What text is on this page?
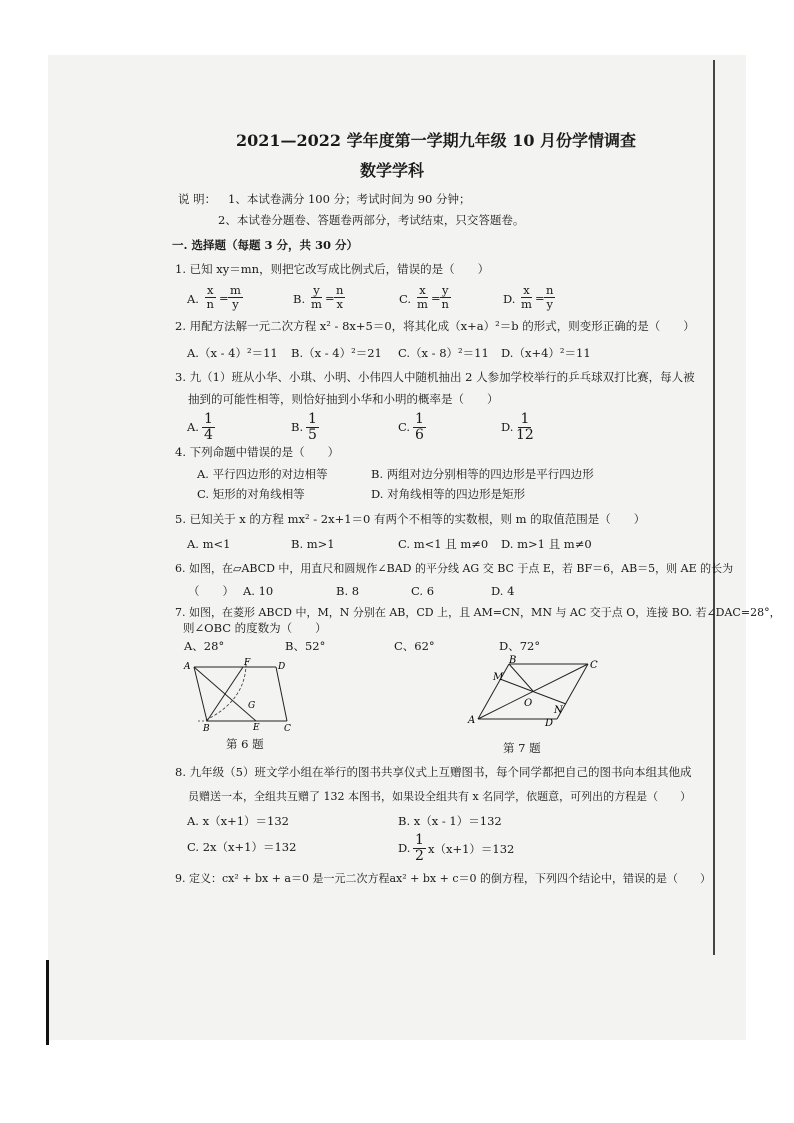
2021—2022 学年度第一学期九年级 10 月份学情调查
数学学科
说 明： 1、本试卷满分 100 分；考试时间为 90 分钟；
2、本试卷分题卷、答题卷两部分，考试结束，只交答题卷。
一. 选择题（每题 3 分，共 30 分）
1. 已知 xy＝mn，则把它改写成比例式后，错误的是（　　）
A. $\frac{x}{n} = \frac{m}{y}$	B. $\frac{y}{m} = \frac{n}{x}$	C. $\frac{x}{m} = \frac{y}{n}$	D. $\frac{x}{m} = \frac{n}{y}$
2. 用配方法解一元二次方程 x² - 8x+5＝0，将其化成（x+a）²＝b 的形式，则变形正确的是（　　）
A.（x - 4）²＝11 B.（x - 4）²＝21 C.（x - 8）²＝11 D.（x+4）²＝11
3. 九（1）班从小华、小琪、小明、小伟四人中随机抽出 2 人参加学校举行的乒乓球双打比赛，每人被
抽到的可能性相等，则恰好抽到小华和小明的概率是（　　）
A. $\frac{1}{4}$	B. $\frac{1}{5}$	C. $\frac{1}{6}$	D. $\frac{1}{12}$
4. 下列命题中错误的是（　　）
A. 平行四边形的对边相等	B. 两组对边分别相等的四边形是平行四边形
C. 矩形的对角线相等	D. 对角线相等的四边形是矩形
5. 已知关于 x 的方程 mx² - 2x+1＝0 有两个不相等的实数根，则 m 的取值范围是（　　）
A. m<1	B. m>1	C. m<1 且 m≠0 D. m>1 且 m≠0
6. 如图，在▱ABCD 中，用直尺和圆规作∠BAD 的平分线 AG 交 BC 于点 E，若 BF＝6，AB＝5，则 AE 的长为
（　　） A. 10	B. 8	C. 6	D. 4
7. 如图，在菱形 ABCD 中，M，N 分别在 AB，CD 上，且 AM=CN，MN 与 AC 交于点 O，连接 BO. 若∠DAC=28°，
则∠OBC 的度数为（　　）
A、28°	B、52°	C、62°	D、72°
A
B	C
D
E
F
G
第 6 题
A
B	C
D
M
N
O
第 7 题
8. 九年级（5）班文学小组在举行的图书共享仪式上互赠图书，每个同学都把自己的图书向本组其他成
员赠送一本，全组共互赠了 132 本图书，如果设全组共有 x 名同学，依题意，可列出的方程是（　　）
A. x（x+1）＝132	B. x（x - 1）＝132
C. 2x（x+1）＝132	D. $\frac{1}{2} x(x+1)=132$
9. 定义：cx² + bx + a＝0 是一元二次方程ax² + bx + c＝0 的倒方程，下列四个结论中，错误的是（　　）
